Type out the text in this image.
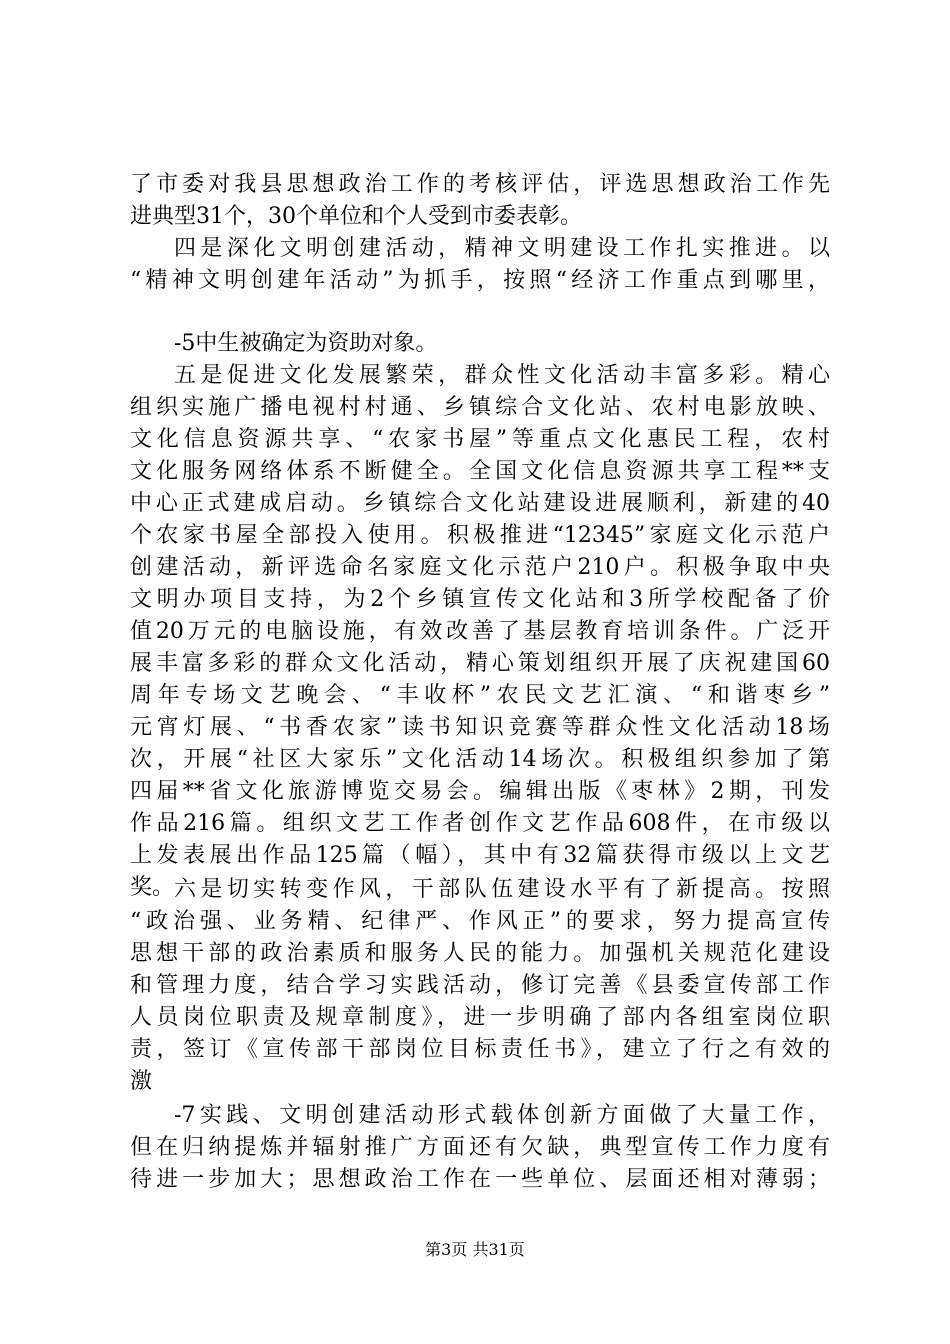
了市委对我县思想政治工作的考核评估，评选思想政治工作先
进典型31个，30个单位和个人受到市委表彰。
四是深化文明创建活动，精神文明建设工作扎实推进。以
“精神文明创建年活动”为抓手，按照“经济工作重点到哪里，
-5中生被确定为资助对象。
五是促进文化发展繁荣，群众性文化活动丰富多彩。精心
组织实施广播电视村村通、乡镇综合文化站、农村电影放映、
文化信息资源共享、“农家书屋”等重点文化惠民工程，农村
文化服务网络体系不断健全。全国文化信息资源共享工程**支
中心正式建成启动。乡镇综合文化站建设进展顺利，新建的40
个农家书屋全部投入使用。积极推进“12345”家庭文化示范户
创建活动，新评选命名家庭文化示范户210户。积极争取中央
文明办项目支持，为2个乡镇宣传文化站和3所学校配备了价
值20万元的电脑设施，有效改善了基层教育培训条件。广泛开
展丰富多彩的群众文化活动，精心策划组织开展了庆祝建国60
周年专场文艺晚会、“丰收杯”农民文艺汇演、“和谐枣乡”
元宵灯展、“书香农家”读书知识竞赛等群众性文化活动18场
次，开展“社区大家乐”文化活动14场次。积极组织参加了第
四届**省文化旅游博览交易会。编辑出版《枣林》2期，刊发
作品216篇。组织文艺工作者创作文艺作品608件，在市级以
上发表展出作品125篇（幅），其中有32篇获得市级以上文艺
奖。 六是切实转变作风，干部队伍建设水平有了新提高。按照
“政治强、业务精、纪律严、作风正”的要求，努力提高宣传
思想干部的政治素质和服务人民的能力。加强机关规范化建设
和管理力度，结合学习实践活动，修订完善《县委宣传部工作
人员岗位职责及规章制度》，进一步明确了部内各组室岗位职
责，签订《宣传部干部岗位目标责任书》，建立了行之有效的
激
-7实践、文明创建活动形式载体创新方面做了大量工作，
但在归纳提炼并辐射推广方面还有欠缺，典型宣传工作力度有
待进一步加大；思想政治工作在一些单位、层面还相对薄弱；
第3页 共31页
